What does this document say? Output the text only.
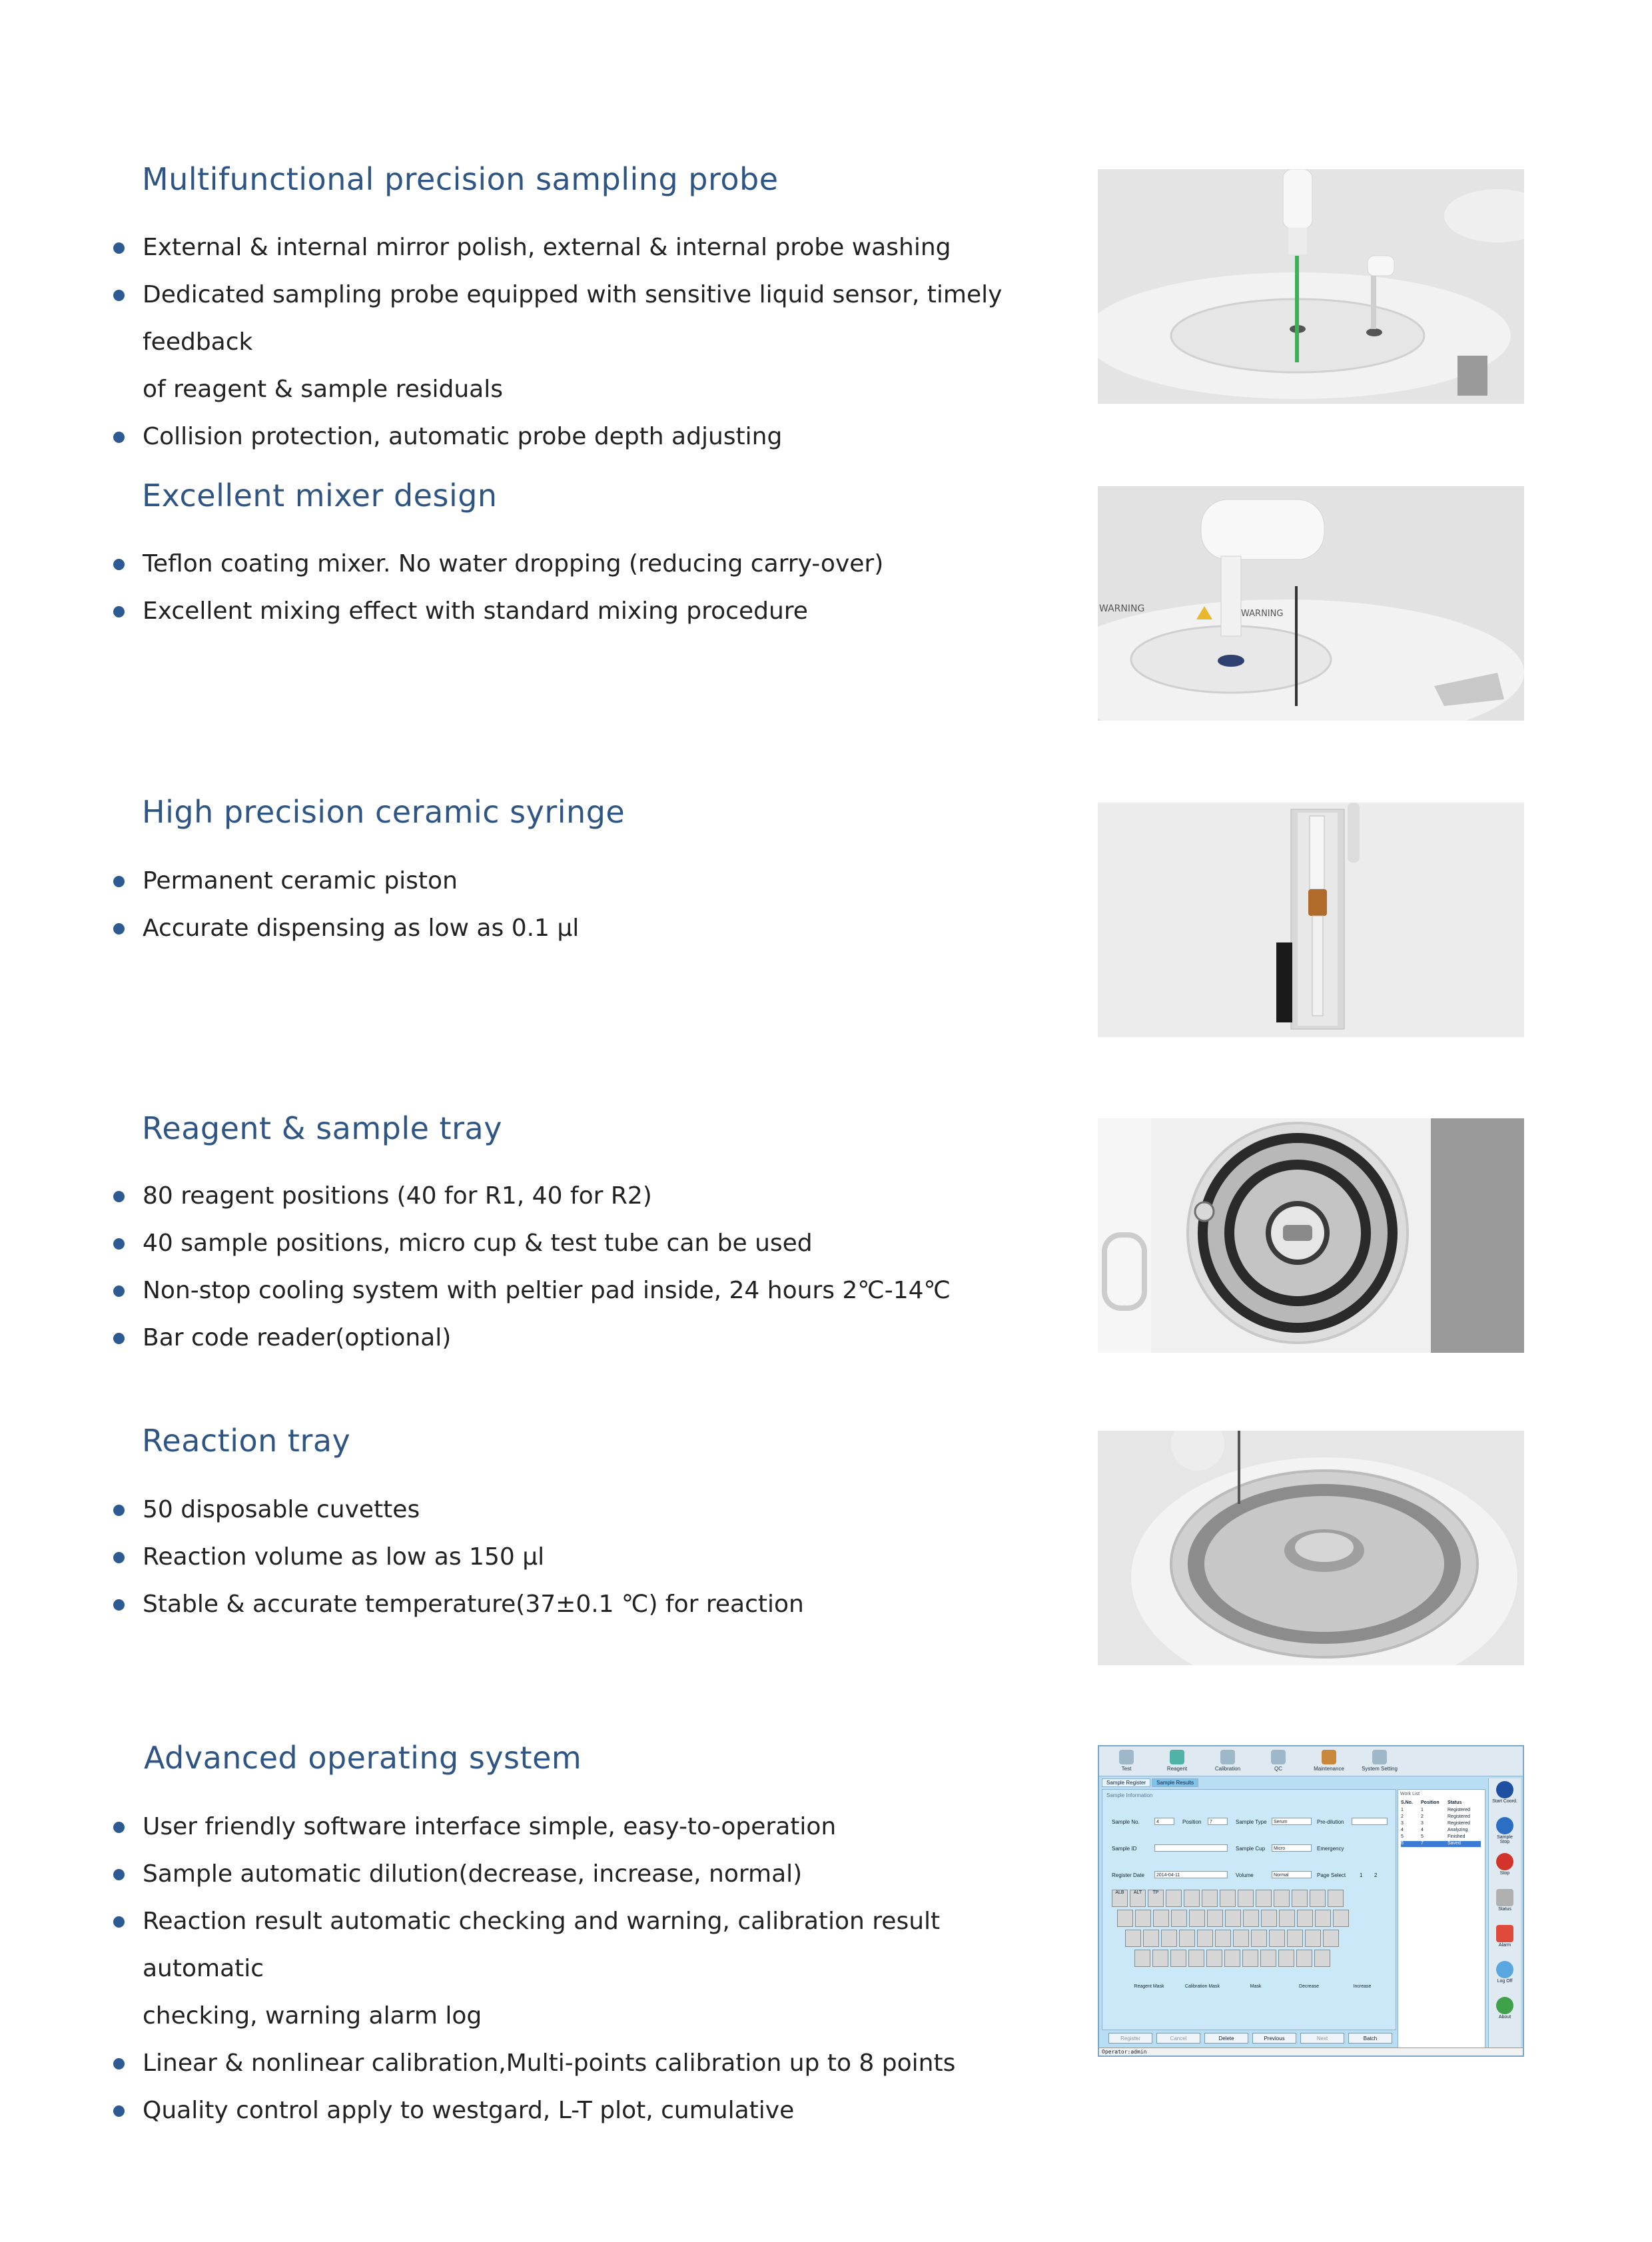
Multifunctional precision sampling probe
External & internal mirror polish, external & internal probe washing
Dedicated sampling probe equipped with sensitive liquid sensor, timely feedback
of reagent & sample residuals
Collision protection, automatic probe depth adjusting
Excellent mixer design
Teflon coating mixer. No water dropping (reducing carry-over)
Excellent mixing effect with standard mixing procedure	WARNING	WARNING
High precision ceramic syringe
Permanent ceramic piston
Accurate dispensing as low as 0.1 µl
Reagent & sample tray
80 reagent positions (40 for R1, 40 for R2)
40 sample positions, micro cup & test tube can be used
Non-stop cooling system with peltier pad inside, 24 hours 2℃-14℃
Bar code reader(optional)
Reaction tray
50 disposable cuvettes
Reaction volume as low as 150 µl
Stable & accurate temperature(37±0.1 ℃) for reaction
Advanced operating system
User friendly software interface simple, easy-to-operation
Sample automatic dilution(decrease, increase, normal)
Reaction result automatic checking and warning, calibration result automatic
checking, warning alarm log
Linear & nonlinear calibration,Multi-points calibration up to 8 points
Quality control apply to westgard, L-T plot, cumulative
Test	Reagent	Calibration	QC	Maintenance	System Setting
Sample Register Sample Results
Sample Information
Sample No.	4	Position	7	Sample Type	Serum	Pre-dilution
Sample ID	Sample Cup	Micro	Emergency
Register Date	2014-04-11	Volume	Normal	Page Select	1 2
ALB ALT TP
Reagent Mask	Calibration Mask	Mask	Decrease	Increase
Register	Cancel	Delete	Previous	Next	Batch
Work List
S.No. Position Status
1	1	Registered
2	2	Registered
3	3	Registered
4	4	Analyzing
5	5	Finished
6	7	Saved
Start Coord.
Sample Stop
Stop
Status
Alarm
Log Off
About
Operator:admin
